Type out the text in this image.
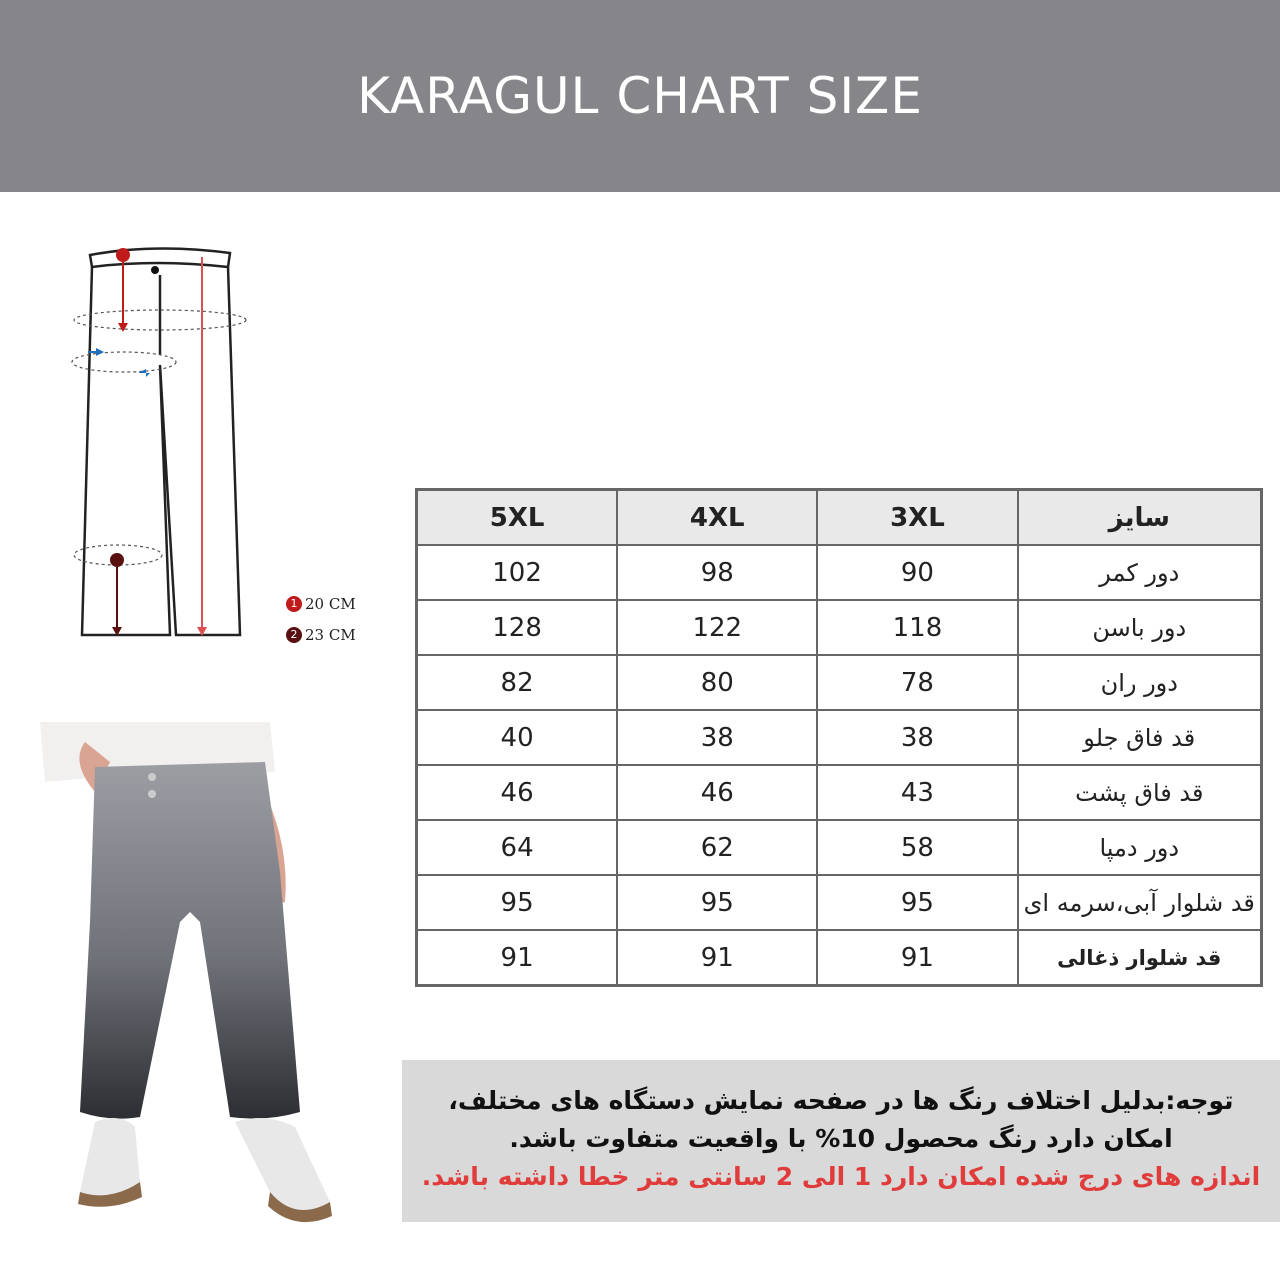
KARAGUL CHART SIZE
1 20 CM
2 23 CM
5XL	4XL	3XL	سایز
102	98	90	دور کمر
128	122	118	دور باسن
82	80	78	دور ران
40	38	38	قد فاق جلو
46	46	43	قد فاق پشت
64	62	58	دور دمپا
95	95	95	قد شلوار آبی،سرمه ای
91	91	91	قد شلوار ذغالی
توجه:بدلیل اختلاف رنگ ها در صفحه نمایش دستگاه های مختلف،
امکان دارد رنگ محصول 10% با واقعیت متفاوت باشد.
اندازه های درج شده امکان دارد 1 الی 2 سانتی متر خطا داشته باشد.
